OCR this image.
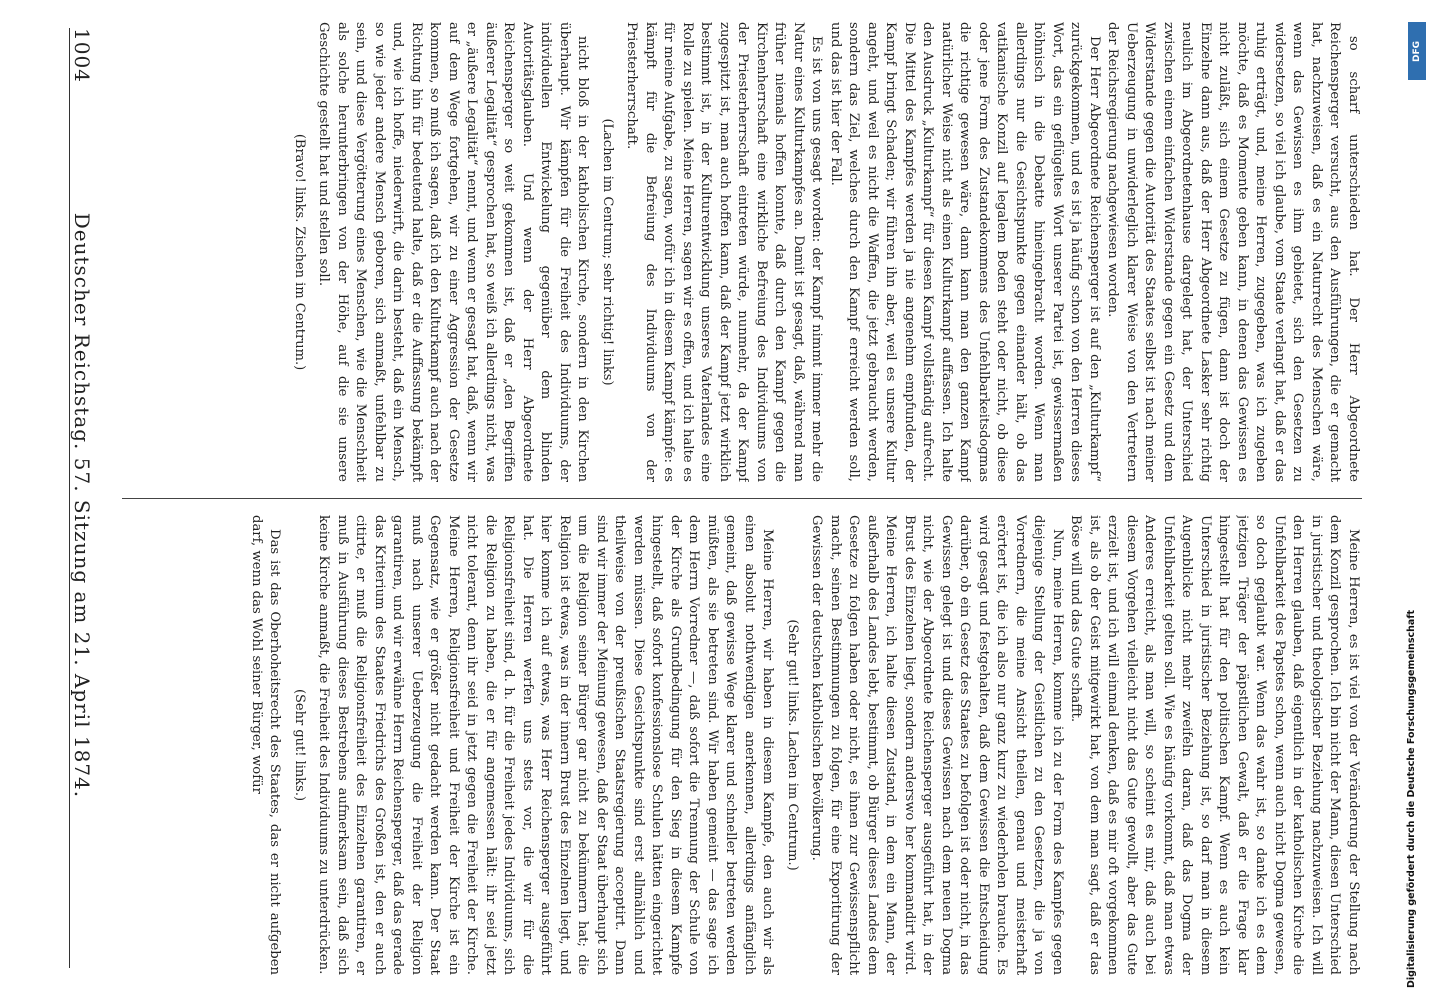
1004
Deutscher Reichstag. 57. Sitzung am 21. April 1874.	so scharf unterschieden hat. Der Herr Abgeordnete Reichensperger versucht, aus den Ausführungen, die er gemacht hat, nachzuweisen, daß es ein Naturrecht des Menschen wäre, wenn das Gewissen es ihm gebietet, sich den Gesetzen zu widersetzen, so viel ich glaube, vom Staate verlangt hat, daß er das ruhig erträgt, und, meine Herren, zugegeben, was ich zugeben möchte, daß es Momente geben kann, in denen das Gewissen es nicht zuläßt, sich einem Gesetze zu fügen, dann ist doch der Einzelne dann aus, daß der Herr Abgeordnete Lasker sehr richtig neulich im Abgeordnetenhause dargelegt hat, der Unterschied zwischen einem einfachen Widerstande gegen ein Gesetz und dem Widerstande gegen die Autorität des Staates selbst ist nach meiner Ueberzeugung in unwiderleglich klarer Weise von den Vertretern der Reichsregierung nachgewiesen worden.

Der Herr Abgeordnete Reichensperger ist auf den „Kulturkampf“ zurückgekommen, und es ist ja häufig schon von den Herren dieses Wort, das ein geflügeltes Wort unserer Partei ist, gewissermaßen höhnisch in die Debatte hineingebracht worden. Wenn man allerdings nur die Gesichtspunkte gegen einander hält, ob das vatikanische Konzil auf legalem Boden steht oder nicht, ob diese oder jene Form des Zustandekommens des Unfehlbarkeitsdogmas die richtige gewesen wäre, dann kann man den ganzen Kampf natürlicher Weise nicht als einen Kulturkampf auffassen. Ich halte den Ausdruck „Kulturkampf“ für diesen Kampf vollständig aufrecht. Die Mittel des Kampfes werden ja nie angenehm empfunden, der Kampf bringt Schaden; wir führen ihn aber, weil es unsere Kultur angeht, und weil es nicht die Waffen, die jetzt gebraucht werden, sondern das Ziel, welches durch den Kampf erreicht werden soll, und das ist hier der Fall.

Es ist von uns gesagt worden: der Kampf nimmt immer mehr die Natur eines Kulturkampfes an. Damit ist gesagt, daß, während man früher niemals hoffen konnte, daß durch den Kampf gegen die Kirchenherrschaft eine wirkliche Befreiung des Individuums von der Priesterherrschaft eintreten würde, nunmehr, da der Kampf zugespitzt ist, man auch hoffen kann, daß der Kampf jetzt wirklich bestimmt ist, in der Kulturentwicklung unseres Vaterlandes eine Rolle zu spielen. Meine Herren, sagen wir es offen, und ich halte es für meine Aufgabe, zu sagen, wofür ich in diesem Kampf kämpfe: es kämpft für die Befreiung des Individuums von der Priesterherrschaft.

(Lachen im Centrum; sehr richtig! links)

nicht bloß in der katholischen Kirche, sondern in den Kirchen überhaupt. Wir kämpfen für die Freiheit des Individuums, der individuellen Entwickelung gegenüber dem blinden Autoritätsglauben. Und wenn der Herr Abgeordnete Reichensperger so weit gekommen ist, daß er „den Begriffen äußerer Legalität“ gesprochen hat, so weiß ich allerdings nicht, was er „äußere Legalität“ nennt, und wenn er gesagt hat, daß, wenn wir auf dem Wege fortgehen, wir zu einer Aggression der Gesetze kommen, so muß ich sagen, daß ich den Kulturkampf auch nach der Richtung hin für bedeutend halte, daß er die Auffassung bekämpft und, wie ich hoffe, niederwirft, die darin besteht, daß ein Mensch, so wie jeder andere Mensch geboren, sich anmaßt, unfehlbar zu sein, und diese Vergötterung eines Menschen, wie die Menschheit als solche herunterbringen von der Höhe, auf die sie unsere Geschichte gestellt hat und stellen soll.

(Bravo! links. Zischen im Centrum.)

Meine Herren, es ist viel von der Veränderung der Stellung nach dem Konzil gesprochen. Ich bin nicht der Mann, diesen Unterschied in juristischer und theologischer Beziehung nachzuweisen. Ich will den Herren glauben, daß eigentlich in der katholischen Kirche die Unfehlbarkeit des Papstes schon, wenn auch nicht Dogma gewesen, so doch geglaubt war. Wenn das wahr ist, so danke ich es dem jetzigen Träger der päpstlichen Gewalt, daß er die Frage klar hingestellt hat für den politischen Kampf. Wenn es auch kein Unterschied in juristischer Beziehung ist, so darf man in diesem Augenblicke nicht mehr zweifeln daran, daß das Dogma der Unfehlbarkeit gelten soll. Wie es häufig vorkommt, daß man etwas Anderes erreicht, als man will, so scheint es mir, daß auch bei diesem Vorgehen vielleicht nicht das Gute gewollt, aber das Gute erzielt ist, und ich will einmal denken, daß es mir oft vorgekommen ist, als ob der Geist mitgewirkt hat, von dem man sagt, daß er das Böse will und das Gute schafft.

Nun, meine Herren, komme ich zu der Form des Kampfes gegen diejenige Stellung der Geistlichen zu den Gesetzen, die ja von Vorrednern, die meine Ansicht theilen, genau und meisterhaft erörtert ist, die ich also nur ganz kurz zu wiederholen brauche. Es wird gesagt und festgehalten, daß dem Gewissen die Entscheidung darüber, ob ein Gesetz des Staates zu befolgen ist oder nicht, in das Gewissen gelegt ist und dieses Gewissen nach dem neuen Dogma nicht, wie der Abgeordnete Reichensperger ausgeführt hat, in der Brust des Einzelnen liegt, sondern anderswo her kommandirt wird. Meine Herren, ich halte diesen Zustand, in dem ein Mann, der außerhalb des Landes lebt, bestimmt, ob Bürger dieses Landes dem Gesetze zu folgen haben oder nicht, es ihnen zur Gewissenspflicht macht, seinen Bestimmungen zu folgen, für eine Exporitirung der Gewissen der deutschen katholischen Bevölkerung.

(Sehr gut! links. Lachen im Centrum.)

Meine Herren, wir haben in diesem Kampfe, den auch wir als einen absolut nothwendigen anerkennen, allerdings anfänglich gemeint, daß gewisse Wege klarer und schneller betreten werden müßten, als sie betreten sind. Wir haben gemeint — das sage ich dem Herrn Vorredner —, daß sofort die Trennung der Schule von der Kirche als Grundbedingung für den Sieg in diesem Kampfe hingestellt, daß sofort konfessionslose Schulen hätten eingerichtet werden müssen. Diese Gesichtspunkte sind erst allmählich und theilweise von der preußischen Staatsregierung acceptirt. Dann sind wir immer der Meinung gewesen, daß der Staat überhaupt sich um die Religion seiner Bürger gar nicht zu bekümmern hat; die Religion ist etwas, was in der innern Brust des Einzelnen liegt, und hier komme ich auf etwas, was Herr Reichensperger ausgeführt hat. Die Herren werfen uns stets vor, die wir für die Religionsfreiheit sind, d. h. für die Freiheit jedes Individuums, sich die Religion zu haben, die er für angemessen hält: ihr seid jetzt nicht tolerant, denn ihr seid in jetzt gegen die Freiheit der Kirche. Meine Herren, Religionsfreiheit und Freiheit der Kirche ist ein Gegensatz, wie er größer nicht gedacht werden kann. Der Staat muß nach unserer Ueberzeugung die Freiheit der Religion garantiren, und wir erwähne Herrn Reichensperger, daß das gerade das Kriterium des Staates Friedrichs des Großen ist, den er auch citirte, er muß die Religionsfreiheit des Einzelnen garantiren, er muß in Ausführung dieses Bestrebens aufmerksam sein, daß sich keine Kirche anmaßt, die Freiheit des Individuums zu unterdrücken.

(Sehr gut! links.)

Das ist das Oberhoheitsrecht des Staates, das er nicht aufgeben darf, wenn das Wohl seiner Bürger, wofür

DFG
Digitalisierung gefördert durch die Deutsche Forschungsgemeinschaft
